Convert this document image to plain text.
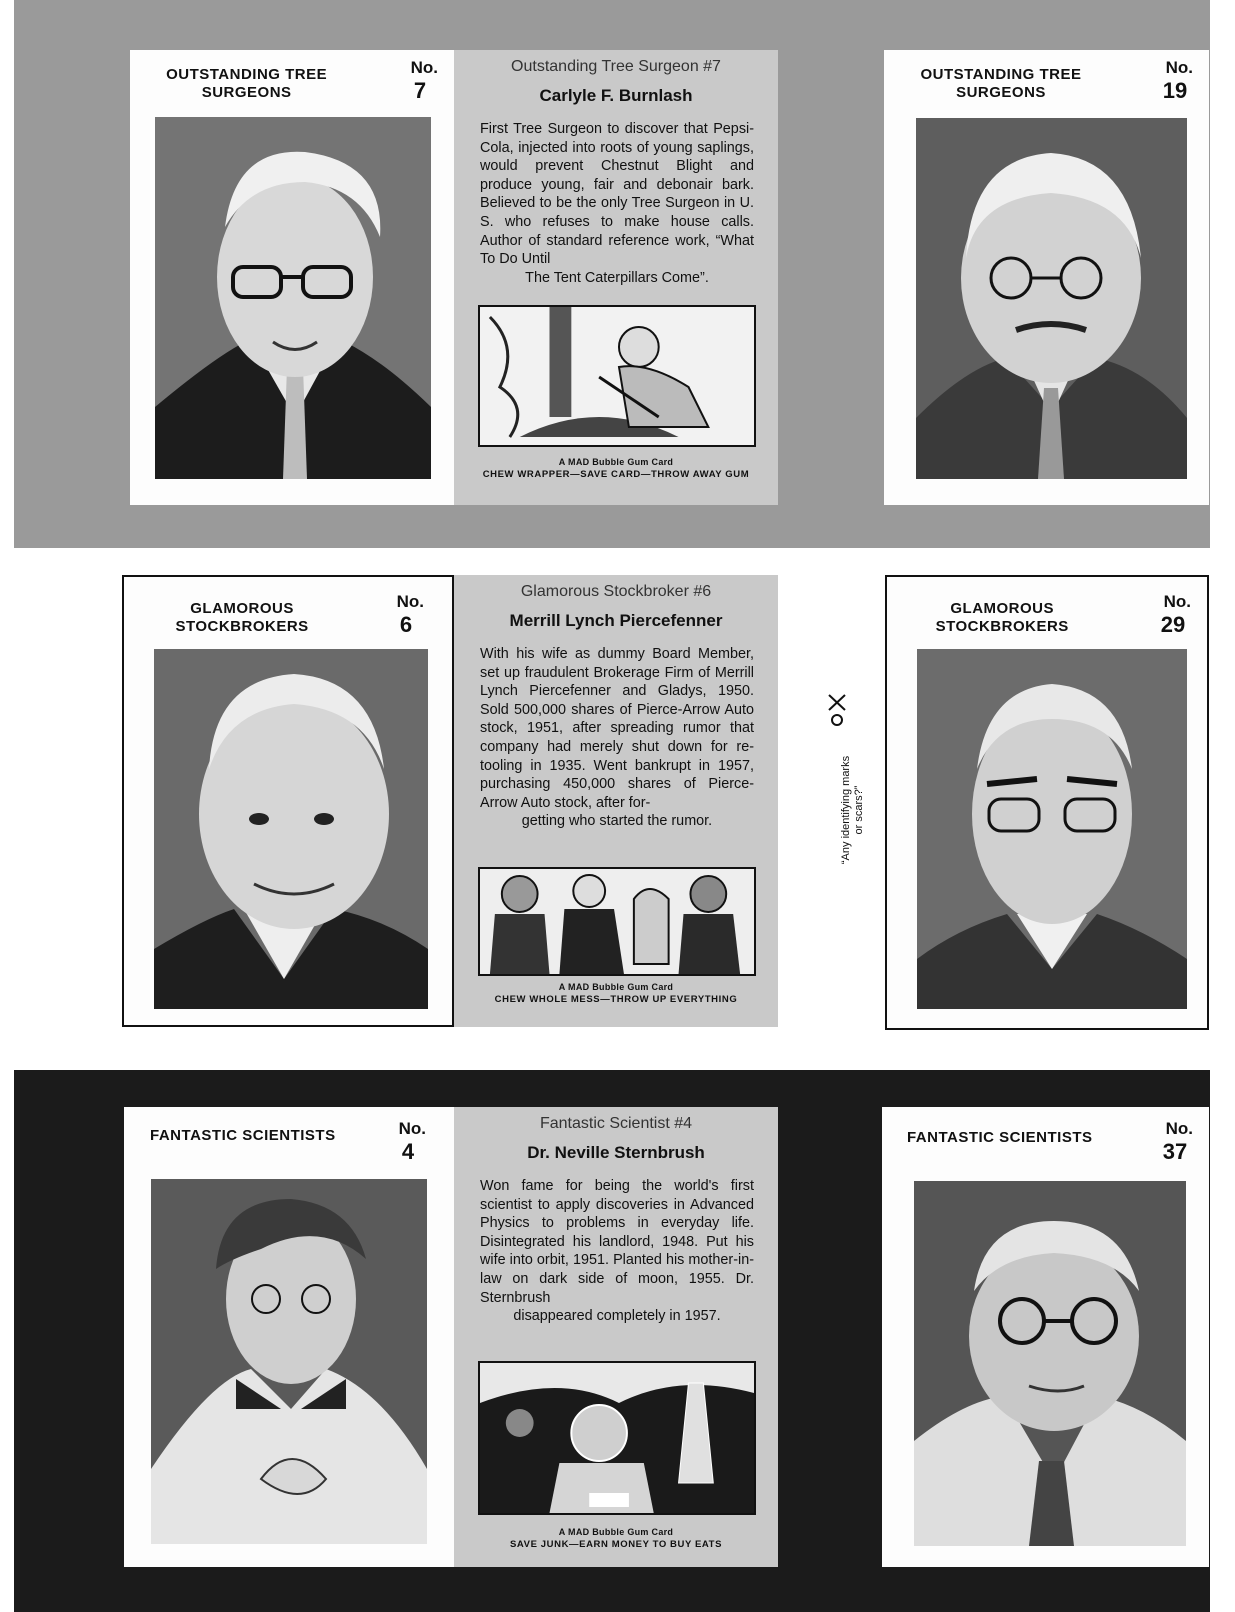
OUTSTANDING TREE SURGEONS
No.
7
Outstanding Tree Surgeon #7
Carlyle F. Burnlash
First Tree Surgeon to discover that Pepsi-Cola, injected into roots of young saplings, would prevent Chestnut Blight and produce young, fair and debonair bark. Believed to be the only Tree Surgeon in U. S. who refuses to make house calls. Author of standard reference work, “What To Do Until
The Tent Caterpillars Come”.
A MAD Bubble Gum Card
CHEW WRAPPER—SAVE CARD—THROW AWAY GUM
OUTSTANDING TREE SURGEONS
No.
19
GLAMOROUS STOCKBROKERS
No.
6
Glamorous Stockbroker #6
Merrill Lynch Piercefenner
With his wife as dummy Board Member, set up fraudulent Brokerage Firm of Merrill Lynch Piercefenner and Gladys, 1950. Sold 500,000 shares of Pierce-Arrow Auto stock, 1951, after spreading rumor that company had merely shut down for re-tooling in 1935. Went bankrupt in 1957, purchasing 450,000 shares of Pierce-Arrow Auto stock, after for-
getting who started the rumor.
A MAD Bubble Gum Card
CHEW WHOLE MESS—THROW UP EVERYTHING
“Any identifying marks or scars?”
GLAMOROUS STOCKBROKERS
No.
29
FANTASTIC SCIENTISTS	No.
4
Fantastic Scientist #4
Dr. Neville Sternbrush
Won fame for being the world's first scientist to apply discoveries in Advanced Physics to problems in everyday life. Disintegrated his landlord, 1948. Put his wife into orbit, 1951. Planted his mother-in-law on dark side of moon, 1955. Dr. Sternbrush
disappeared completely in 1957.
A MAD Bubble Gum Card
SAVE JUNK—EARN MONEY TO BUY EATS
FANTASTIC SCIENTISTS	No.
37
